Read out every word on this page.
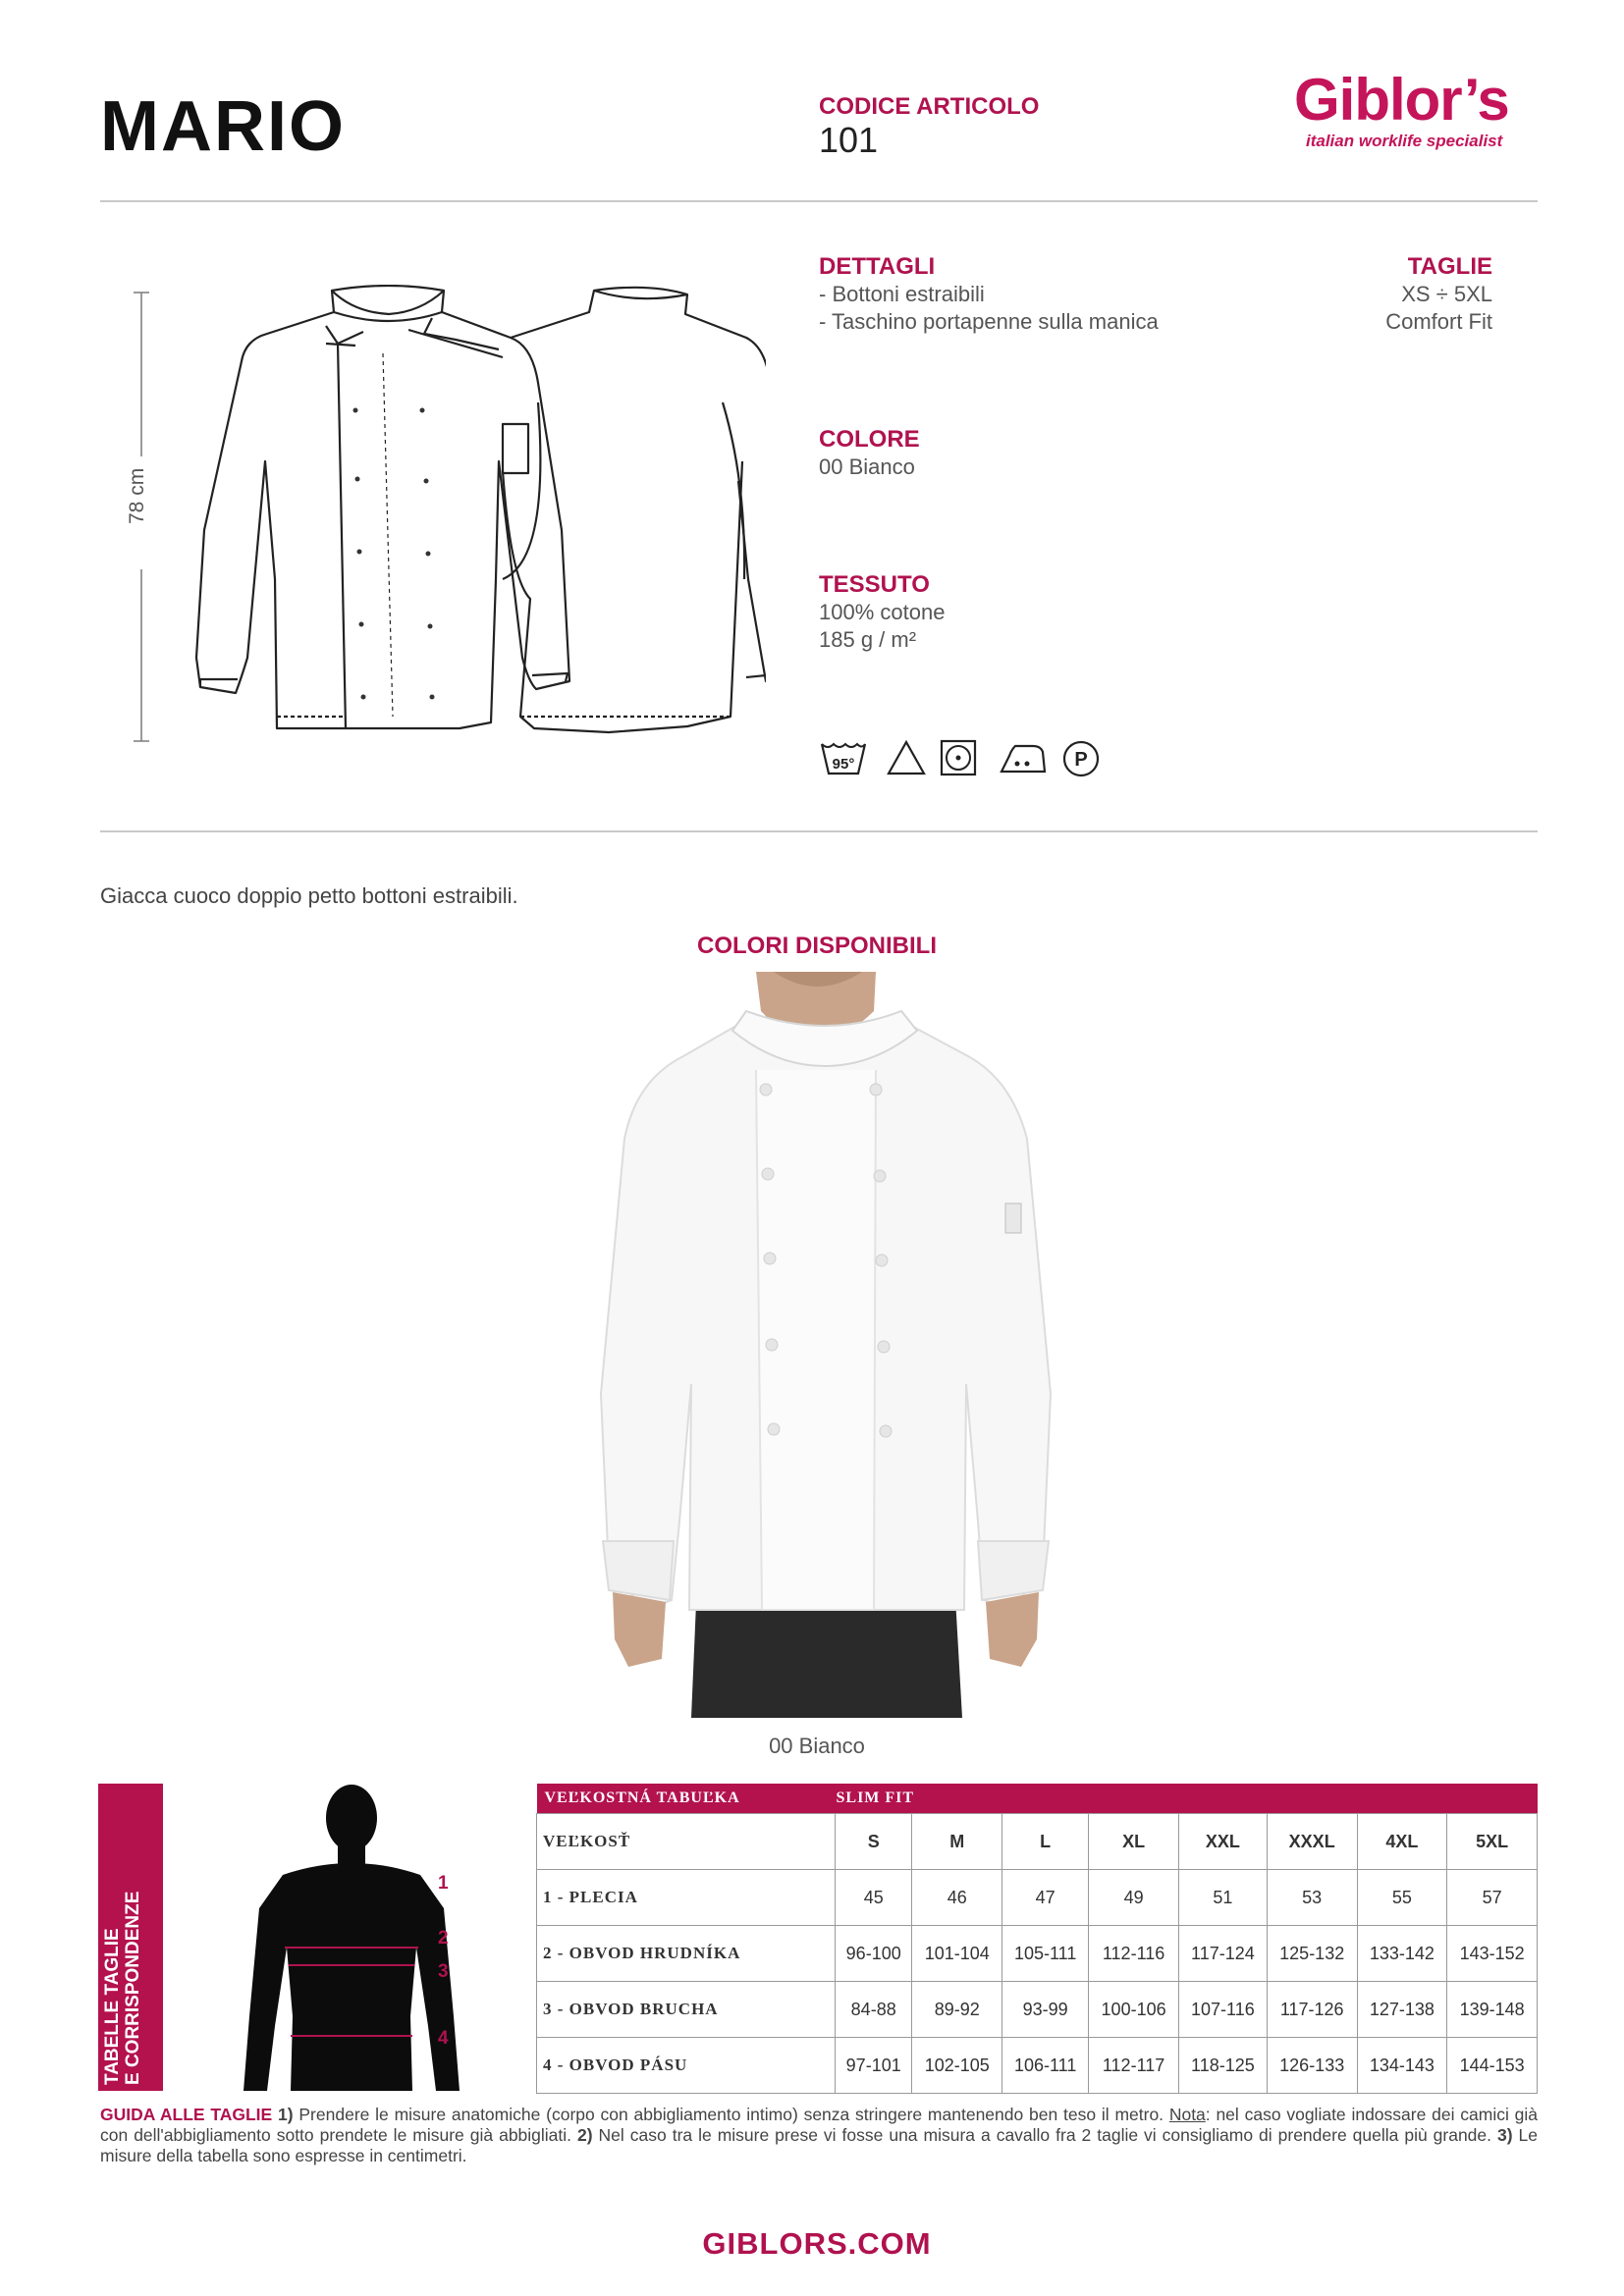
MARIO	CODICE ARTICOLO
101
Giblor’s
italian worklife specialist
78 cm
DETTAGLI
- Bottoni estraibili
- Taschino portapenne sulla manica
TAGLIE
XS ÷ 5XL
Comfort Fit
COLORE
00 Bianco
TESSUTO
100% cotone
185 g / m²
95°	P
Giacca cuoco doppio petto bottoni estraibili.
COLORI DISPONIBILI
00 Bianco
TABELLE TAGLIE E CORRISPONDENZE
1
2
3
4
VEĽKOSTNÁ TABUĽKA	SLIM FIT							
VEĽKOSŤ	S	M	L	XL	XXL	XXXL	4XL	5XL
1 - PLECIA	45	46	47	49	51	53	55	57
2 - OBVOD HRUDNÍKA	96-100	101-104	105-111	112-116	117-124	125-132	133-142	143-152
3 - OBVOD BRUCHA	84-88	89-92	93-99	100-106	107-116	117-126	127-138	139-148
4 - OBVOD PÁSU	97-101	102-105	106-111	112-117	118-125	126-133	134-143	144-153
GUIDA ALLE TAGLIE 1) Prendere le misure anatomiche (corpo con abbigliamento intimo) senza stringere mantenendo ben teso il metro. Nota: nel caso vogliate indossare dei camici già con dell'abbigliamento sotto prendete le misure già abbigliati. 2) Nel caso tra le misure prese vi fosse una misura a cavallo fra 2 taglie vi consigliamo di prendere quella più grande. 3) Le misure della tabella sono espresse in centimetri.
GIBLORS.COM
